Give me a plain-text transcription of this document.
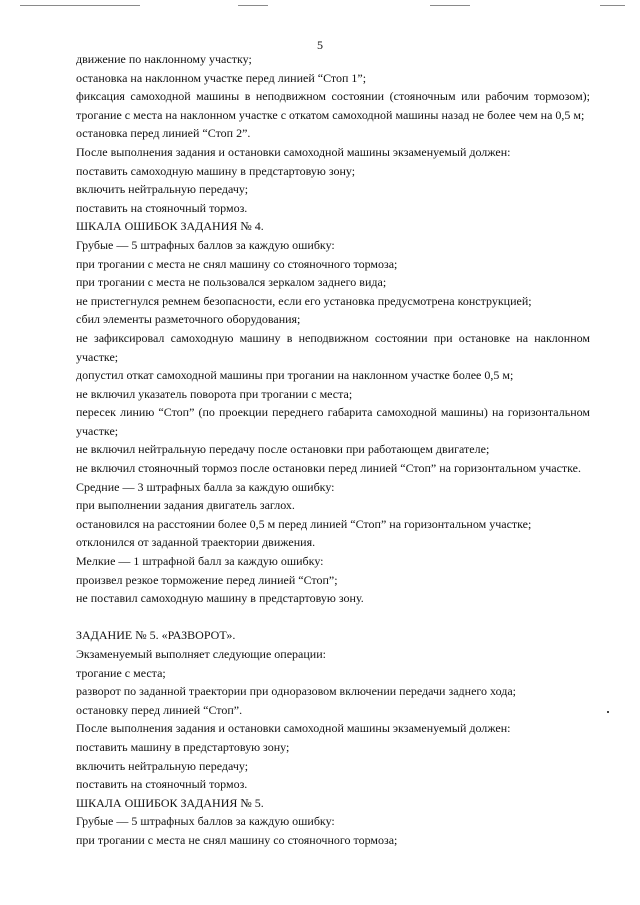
5

движение по наклонному участку;

остановка на наклонном участке перед линией “Стоп 1”;

фиксация самоходной машины в неподвижном состоянии (стояночным или рабочим тормозом);

трогание с места на наклонном участке с откатом самоходной машины назад не более чем на 0,5 м;

остановка перед линией “Стоп 2”.

После выполнения задания и остановки самоходной машины экзаменуемый должен:

поставить самоходную машину в предстартовую зону;

включить нейтральную передачу;

поставить на стояночный тормоз.

ШКАЛА ОШИБОК ЗАДАНИЯ № 4.

Грубые — 5 штрафных баллов за каждую ошибку:

при трогании с места не снял машину со стояночного тормоза;

при трогании с места не пользовался зеркалом заднего вида;

не пристегнулся ремнем безопасности, если его установка предусмотрена конструкцией;

сбил элементы разметочного оборудования;

не зафиксировал самоходную машину в неподвижном состоянии при остановке на наклонном участке;

допустил откат самоходной машины при трогании на наклонном участке более 0,5 м;

не включил указатель поворота при трогании с места;

пересек линию “Стоп” (по проекции переднего габарита самоходной машины) на горизонтальном участке;

не включил нейтральную передачу после остановки при работающем двигателе;

не включил стояночный тормоз после остановки перед линией “Стоп” на горизонтальном участке.

Средние — 3 штрафных балла за каждую ошибку:

при выполнении задания двигатель заглох.

остановился на расстоянии более 0,5 м перед линией “Стоп” на горизонтальном участке;

отклонился от заданной траектории движения.

Мелкие — 1 штрафной балл за каждую ошибку:

произвел резкое торможение перед линией “Стоп”;

не поставил самоходную машину в предстартовую зону.

ЗАДАНИЕ № 5. «РАЗВОРОТ».

Экзаменуемый выполняет следующие операции:

трогание с места;

разворот по заданной траектории при одноразовом включении передачи заднего хода;

остановку перед линией “Стоп”.

После выполнения задания и остановки самоходной машины экзаменуемый должен:

поставить машину в предстартовую зону;

включить нейтральную передачу;

поставить на стояночный тормоз.

ШКАЛА ОШИБОК ЗАДАНИЯ № 5.

Грубые — 5 штрафных баллов за каждую ошибку:

при трогании с места не снял машину со стояночного тормоза;
